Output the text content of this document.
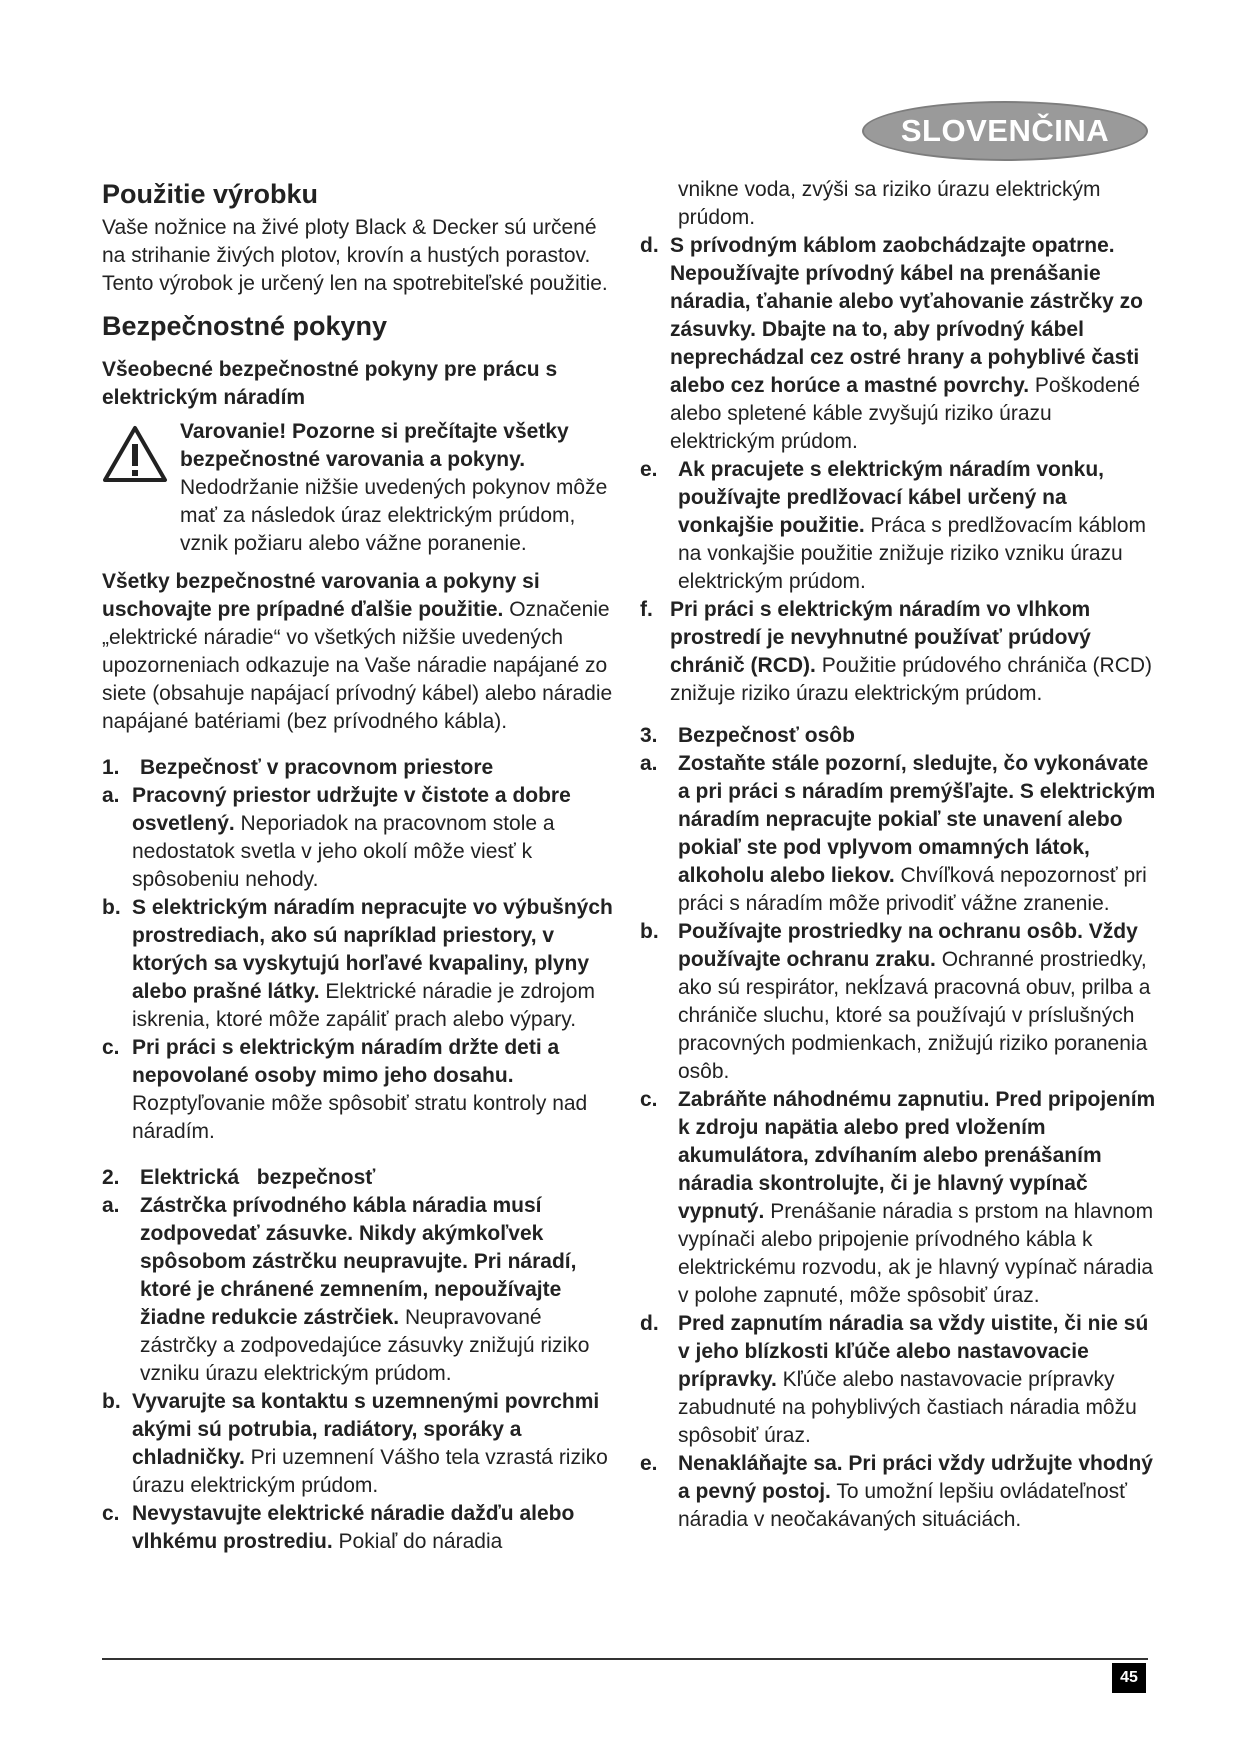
SLOVENČINA
Použitie výrobku

Vaše nožnice na živé ploty Black & Decker sú určené na strihanie živých plotov, krovín a hustých porastov. Tento výrobok je určený len na spotrebiteľské použitie.

Bezpečnostné pokyny

Všeobecné bezpečnostné pokyny pre prácu s elektrickým náradím

Varovanie! Pozorne si prečítajte všetky bezpečnostné varovania a pokyny. Nedodržanie nižšie uvedených pokynov môže mať za následok úraz elektrickým prúdom, vznik požiaru alebo vážne poranenie.

Všetky bezpečnostné varovania a pokyny si uschovajte pre prípadné ďalšie použitie. Označenie „elektrické náradie“ vo všetkých nižšie uvedených upozorneniach odkazuje na Vaše náradie napájané zo siete (obsahuje napájací prívodný kábel) alebo náradie napájané batériami (bez prívodného kábla).

1. Bezpečnosť v pracovnom priestore

a. Pracovný priestor udržujte v čistote a dobre osvetlený. Neporiadok na pracovnom stole a nedostatok svetla v jeho okolí môže viesť k spôsobeniu nehody.
b. S elektrickým náradím nepracujte vo výbušných prostrediach, ako sú napríklad priestory, v ktorých sa vyskytujú horľavé kvapaliny, plyny alebo prašné látky. Elektrické náradie je zdrojom iskrenia, ktoré môže zapáliť prach alebo výpary.
c. Pri práci s elektrickým náradím držte deti a nepovolané osoby mimo jeho dosahu. Rozptyľovanie môže spôsobiť stratu kontroly nad náradím.

2. Elektrická   bezpečnosť

a. Zástrčka prívodného kábla náradia musí zodpovedať zásuvke. Nikdy akýmkoľvek spôsobom zástrčku neupravujte. Pri náradí, ktoré je chránené zemnením, nepoužívajte žiadne redukcie zástrčiek. Neupravované zástrčky a zodpovedajúce zásuvky znižujú riziko vzniku úrazu elektrickým prúdom.
b. Vyvarujte sa kontaktu s uzemnenými povrchmi akými sú potrubia, radiátory, sporáky a chladničky. Pri uzemnení Vášho tela vzrastá riziko úrazu elektrickým prúdom.
c. Nevystavujte elektrické náradie dažďu alebo vlhkému prostrediu. Pokiaľ do náradia

vnikne voda, zvýši sa riziko úrazu elektrickým prúdom.

d. S prívodným káblom zaobchádzajte opatrne. Nepoužívajte prívodný kábel na prenášanie náradia, ťahanie alebo vyťahovanie zástrčky zo zásuvky. Dbajte na to, aby prívodný kábel neprechádzal cez ostré hrany a pohyblivé časti alebo cez horúce a mastné povrchy. Poškodené alebo spletené káble zvyšujú riziko úrazu elektrickým prúdom.
e. Ak pracujete s elektrickým náradím vonku, používajte predlžovací kábel určený na vonkajšie použitie. Práca s predlžovacím káblom na vonkajšie použitie znižuje riziko vzniku úrazu elektrickým prúdom.
f. Pri práci s elektrickým náradím vo vlhkom prostredí je nevyhnutné používať prúdový chránič (RCD). Použitie prúdového chrániča (RCD) znižuje riziko úrazu elektrickým prúdom.

3. Bezpečnosť osôb

a. Zostaňte stále pozorní, sledujte, čo vykonávate a pri práci s náradím premýšľajte. S elektrickým náradím nepracujte pokiaľ ste unavení alebo pokiaľ ste pod vplyvom omamných látok, alkoholu alebo liekov. Chvíľková nepozornosť pri práci s náradím môže privodiť vážne zranenie.
b. Používajte prostriedky na ochranu osôb. Vždy používajte ochranu zraku. Ochranné prostriedky, ako sú respirátor, nekĺzavá pracovná obuv, prilba a chrániče sluchu, ktoré sa používajú v príslušných pracovných podmienkach, znižujú riziko poranenia osôb.
c. Zabráňte náhodnému zapnutiu. Pred pripojením k zdroju napätia alebo pred vložením akumulátora, zdvíhaním alebo prenášaním náradia skontrolujte, či je hlavný vypínač vypnutý. Prenášanie náradia s prstom na hlavnom vypínači alebo pripojenie prívodného kábla k elektrickému rozvodu, ak je hlavný vypínač náradia v polohe zapnuté, môže spôsobiť úraz.
d. Pred zapnutím náradia sa vždy uistite, či nie sú v jeho blízkosti kľúče alebo nastavovacie prípravky. Kľúče alebo nastavovacie prípravky zabudnuté na pohyblivých častiach náradia môžu spôsobiť úraz.
e. Nenakláňajte sa. Pri práci vždy udržujte vhodný a pevný postoj. To umožní lepšiu ovládateľnosť náradia v neočakávaných situáciách.
45
